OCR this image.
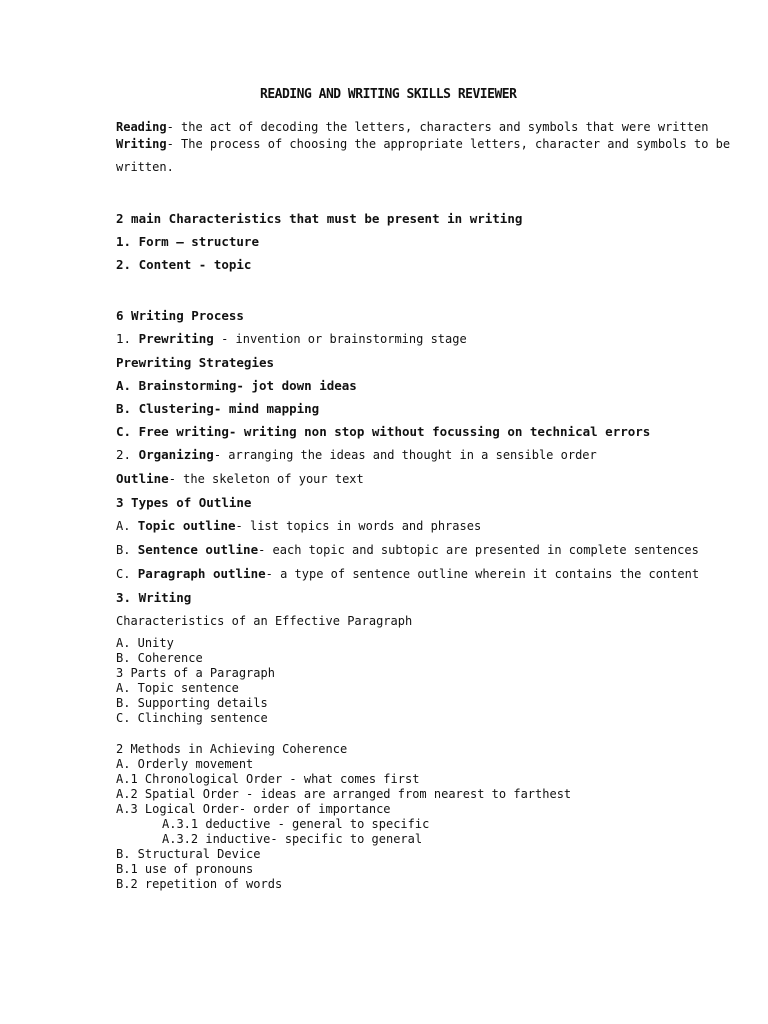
READING AND WRITING SKILLS REVIEWER

Reading- the act of decoding the letters, characters and symbols that were written

Writing- The process of choosing the appropriate letters, character and symbols to be written.

2 main Characteristics that must be present in writing

1. Form — structure

2. Content - topic

6 Writing Process

1. Prewriting - invention or brainstorming stage

Prewriting Strategies

A. Brainstorming- jot down ideas

B. Clustering- mind mapping

C. Free writing- writing non stop without focussing on technical errors

2. Organizing- arranging the ideas and thought in a sensible order

Outline- the skeleton of your text

3 Types of Outline

A. Topic outline- list topics in words and phrases

B. Sentence outline- each topic and subtopic are presented in complete sentences

C. Paragraph outline- a type of sentence outline wherein it contains the content

3. Writing

Characteristics of an Effective Paragraph

A. Unity

B. Coherence

3 Parts of a Paragraph

A. Topic sentence

B. Supporting details

C. Clinching sentence

2 Methods in Achieving Coherence

A. Orderly movement

A.1 Chronological Order - what comes first

A.2 Spatial Order - ideas are arranged from nearest to farthest

A.3 Logical Order- order of importance

A.3.1 deductive - general to specific

A.3.2 inductive- specific to general

B. Structural Device

B.1 use of pronouns

B.2 repetition of words
